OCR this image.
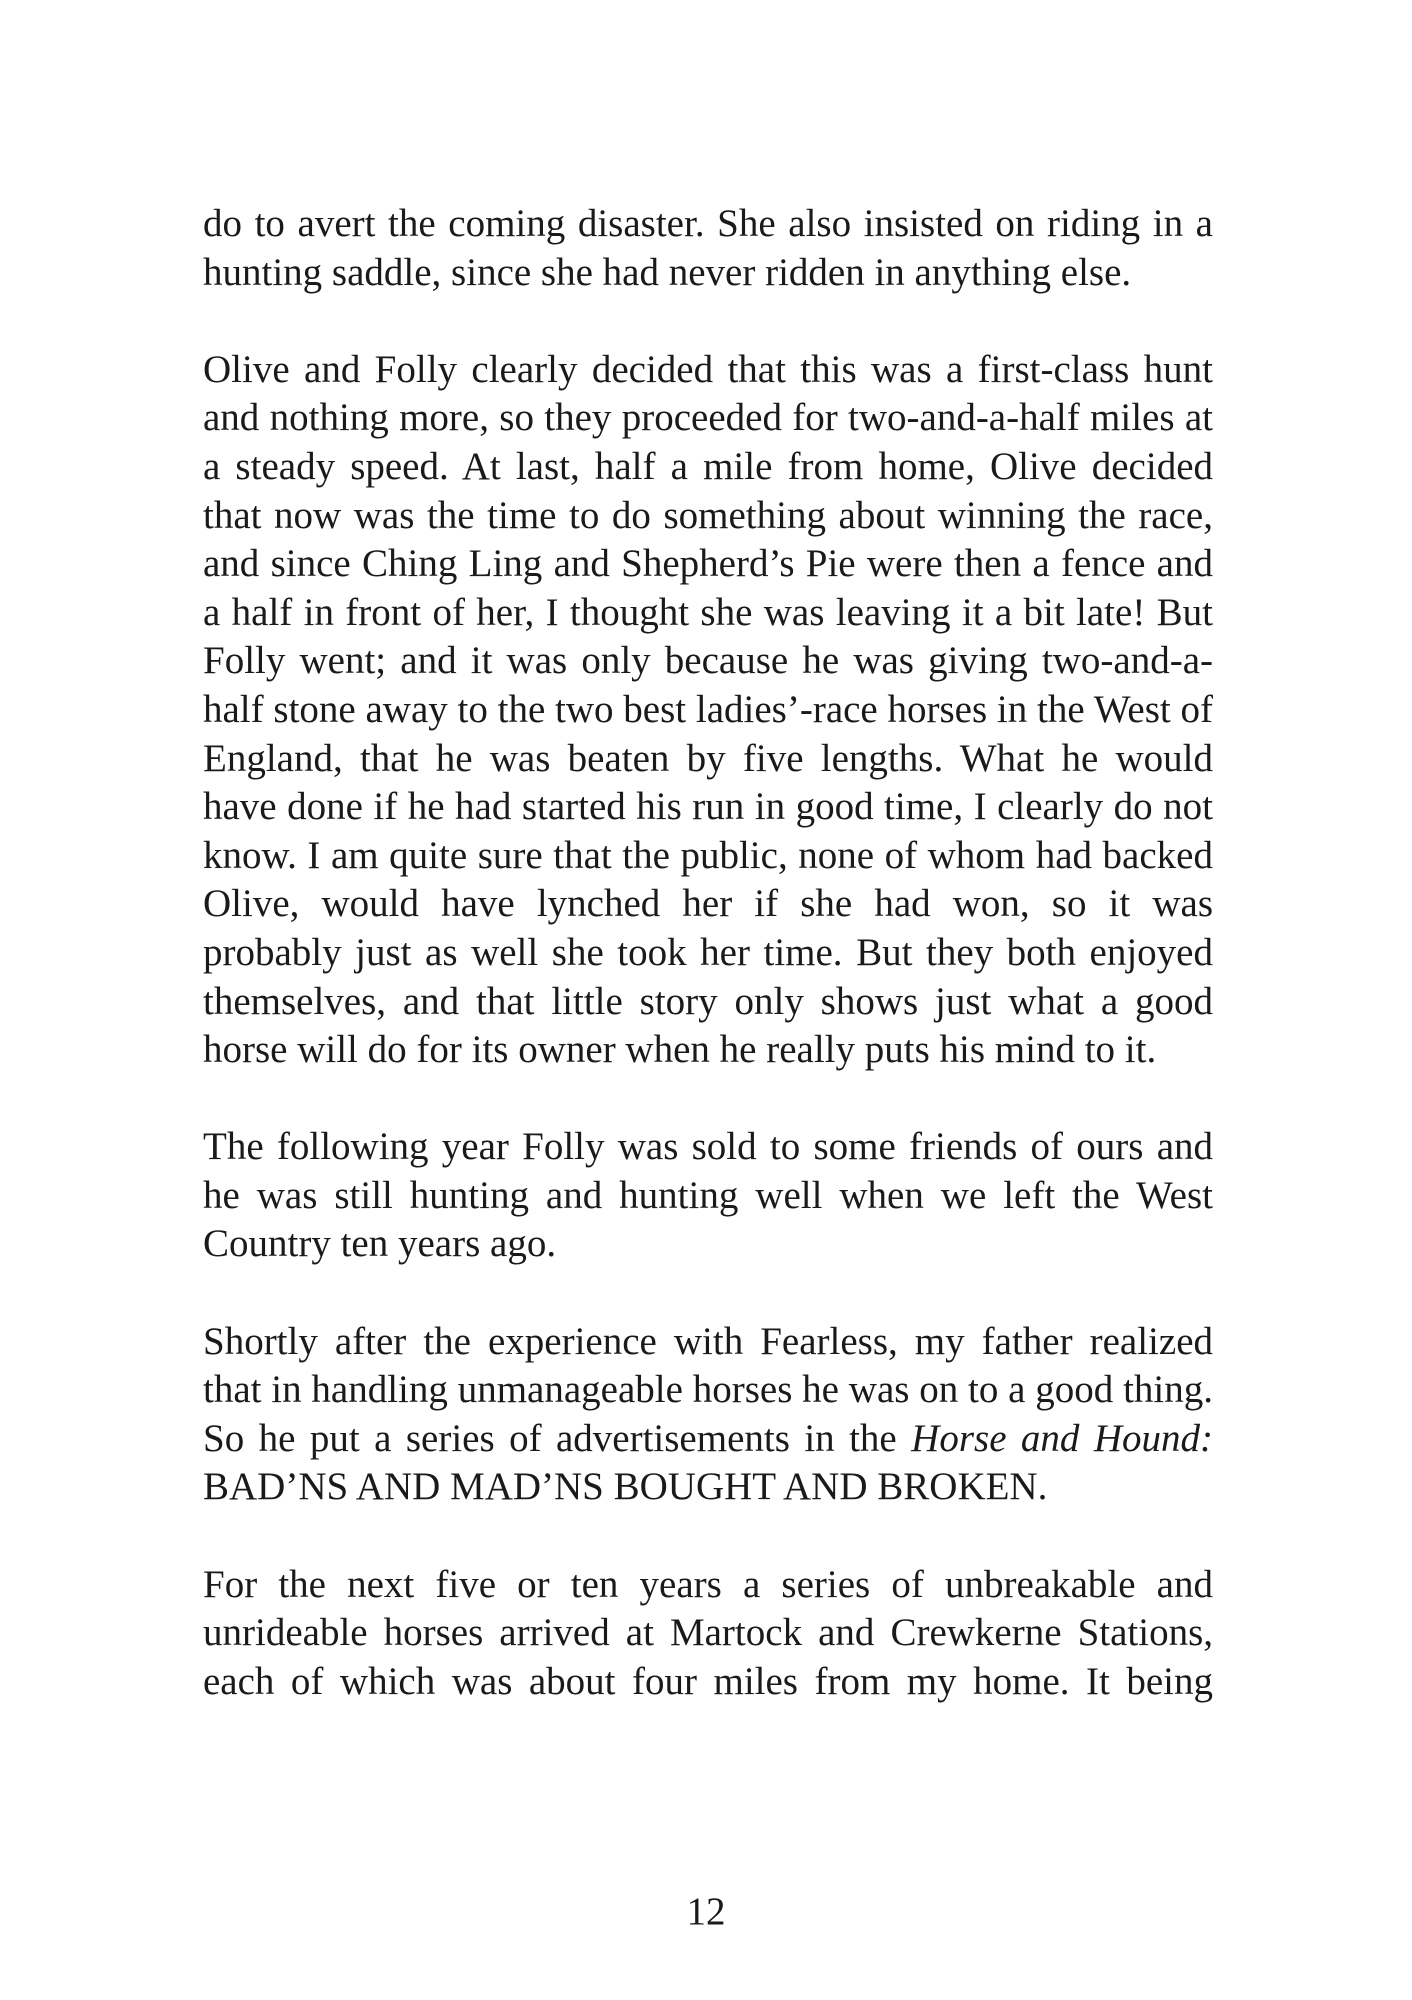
do to avert the coming disaster. She also insisted on riding in a hunting saddle, since she had never ridden in anything else.

Olive and Folly clearly decided that this was a first-class hunt and nothing more, so they proceeded for two-and-a-half miles at a steady speed. At last, half a mile from home, Olive decided that now was the time to do something about winning the race, and since Ching Ling and Shepherd’s Pie were then a fence and a half in front of her, I thought she was leaving it a bit late! But Folly went; and it was only because he was giving two-and-a-half stone away to the two best ladies’-race horses in the West of England, that he was beaten by five lengths. What he would have done if he had started his run in good time, I clearly do not know. I am quite sure that the public, none of whom had backed Olive, would have lynched her if she had won, so it was probably just as well she took her time. But they both enjoyed themselves, and that little story only shows just what a good horse will do for its owner when he really puts his mind to it.

The following year Folly was sold to some friends of ours and he was still hunting and hunting well when we left the West Country ten years ago.

Shortly after the experience with Fearless, my father realized that in handling unmanageable horses he was on to a good thing. So he put a series of advertisements in the Horse and Hound: BAD’NS AND MAD’NS BOUGHT AND BROKEN.

For the next five or ten years a series of unbreakable and unrideable horses arrived at Martock and Crewkerne Stations, each of which was about four miles from my home. It being

12
